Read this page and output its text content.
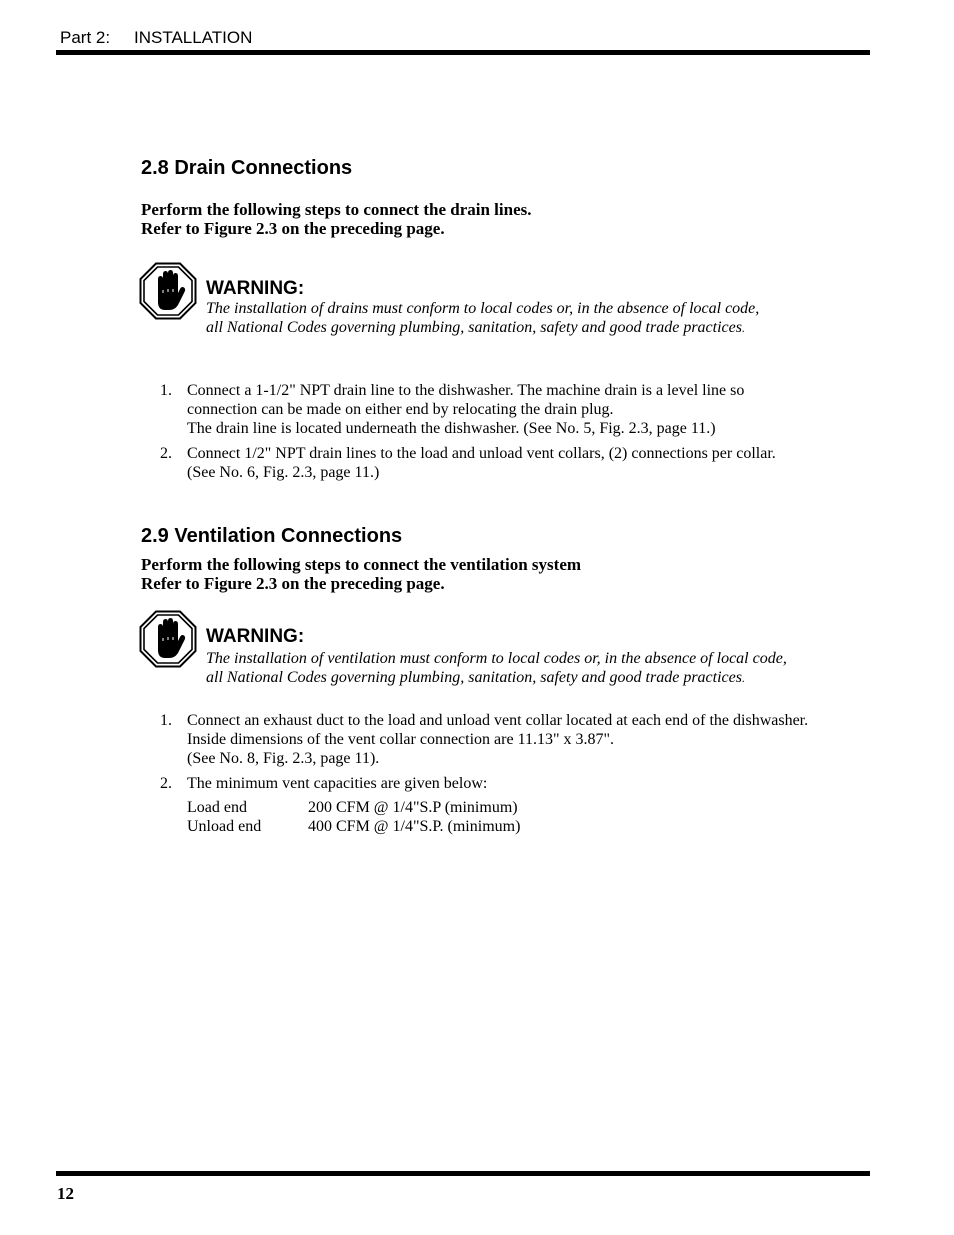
Part 2: INSTALLATION
2.8 Drain Connections
Perform the following steps to connect the drain lines.
Refer to Figure 2.3 on the preceding page.
WARNING:
The installation of drains must conform to local codes or, in the absence of local code,
all National Codes governing plumbing, sanitation, safety and good trade practices.
1. Connect a 1-1/2" NPT drain line to the dishwasher. The machine drain is a level line so
connection can be made on either end by relocating the drain plug.
The drain line is located underneath the dishwasher. (See No. 5, Fig. 2.3, page 11.)
2. Connect 1/2" NPT drain lines to the load and unload vent collars, (2) connections per collar.
(See No. 6, Fig. 2.3, page 11.)
2.9 Ventilation Connections
Perform the following steps to connect the ventilation system
Refer to Figure 2.3 on the preceding page.
WARNING:
The installation of ventilation must conform to local codes or, in the absence of local code,
all National Codes governing plumbing, sanitation, safety and good trade practices.
1. Connect an exhaust duct to the load and unload vent collar located at each end of the dishwasher.
Inside dimensions of the vent collar connection are 11.13" x 3.87".
(See No. 8, Fig. 2.3, page 11).
2. The minimum vent capacities are given below:
Load end	200 CFM @ 1/4"S.P (minimum)
Unload end	400 CFM @ 1/4"S.P. (minimum)
12
